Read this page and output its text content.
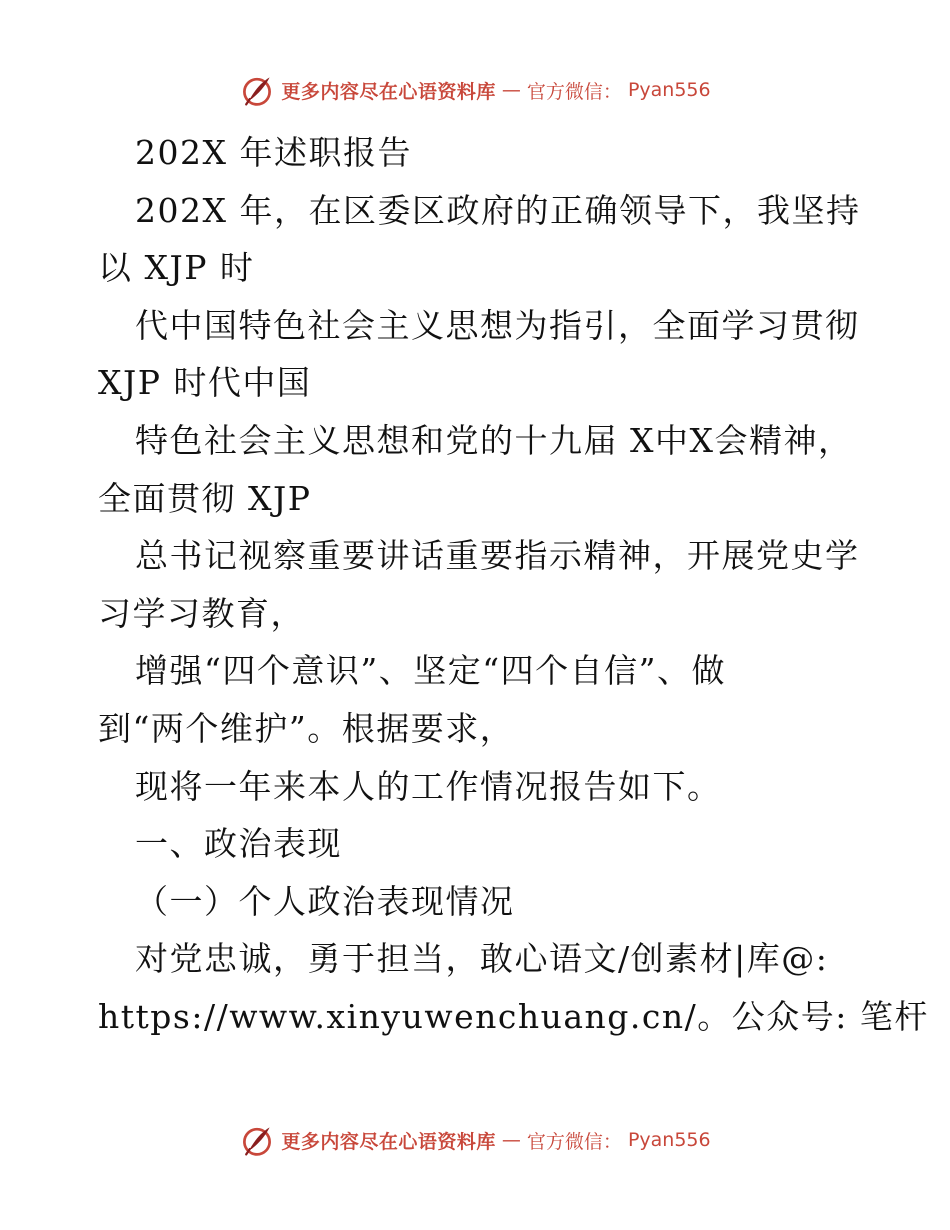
更多内容尽在心语资料库 — 官方微信： Pyan556
202X 年述职报告
202X 年，在区委区政府的正确领导下，我坚持
以 XJP 时
代中国特色社会主义思想为指引，全面学习贯彻
XJP 时代中国
特色社会主义思想和党的十九届 X中X会精神，
全面贯彻 XJP
总书记视察重要讲话重要指示精神，开展党史学
习学习教育，
增强“四个意识”、坚定“四个自信”、做
到“两个维护”。根据要求，
现将一年来本人的工作情况报告如下。
一、政治表现
（一）个人政治表现情况
对党忠诚，勇于担当，敢心语文/创素材|库@:
https://www.xinyuwenchuang.cn/。公众号: 笔杆
更多内容尽在心语资料库 — 官方微信： Pyan556
